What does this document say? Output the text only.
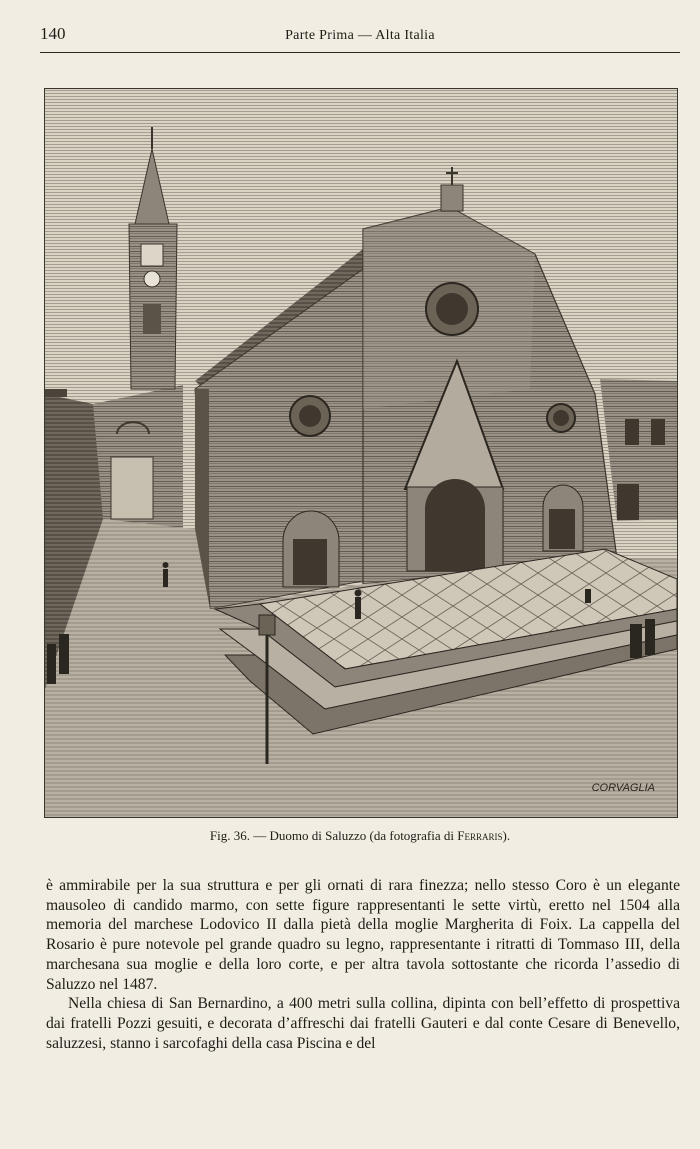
140	Parte Prima — Alta Italia
CORVAGLIA
Fig. 36. — Duomo di Saluzzo (da fotografia di Ferraris).

è ammirabile per la sua struttura e per gli ornati di rara finezza; nello stesso Coro è un elegante mausoleo di candido marmo, con sette figure rappresentanti le sette virtù, eretto nel 1504 alla memoria del marchese Lodovico II dalla pietà della moglie Margherita di Foix. La cappella del Rosario è pure notevole pel grande quadro su legno, rappresentante i ritratti di Tommaso III, della marchesana sua moglie e della loro corte, e per altra tavola sottostante che ricorda l’assedio di Saluzzo nel 1487.

Nella chiesa di San Bernardino, a 400 metri sulla collina, dipinta con bell’effetto di prospettiva dai fratelli Pozzi gesuiti, e decorata d’affreschi dai fratelli Gauteri e dal conte Cesare di Benevello, saluzzesi, stanno i sarcofaghi della casa Piscina e del
